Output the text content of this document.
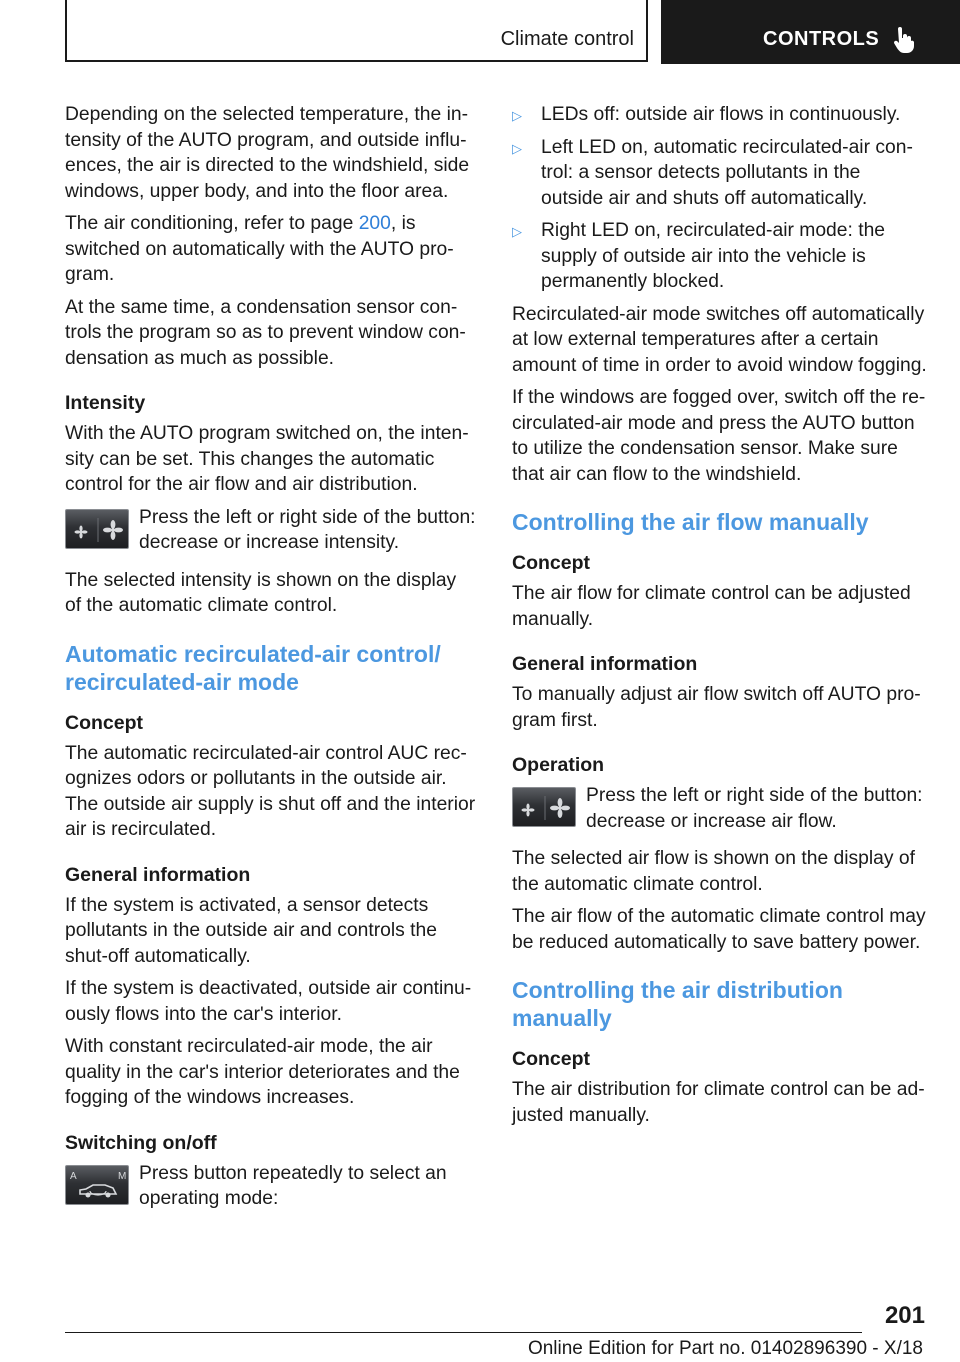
Climate control	CONTROLS

Depending on the selected temperature, the intensity of the AUTO program, and outside influences, the air is directed to the windshield, side windows, upper body, and into the floor area.

The air conditioning, refer to page 200, is switched on automatically with the AUTO program.

At the same time, a condensation sensor controls the program so as to prevent window condensation as much as possible.

Intensity

With the AUTO program switched on, the intensity can be set. This changes the automatic control for the air flow and air distribution.

Press the left or right side of the button: decrease or increase intensity.

The selected intensity is shown on the display of the automatic climate control.

Automatic recirculated-air control/
recirculated-air mode
Concept

The automatic recirculated-air control AUC recognizes odors or pollutants in the outside air. The outside air supply is shut off and the interior air is recirculated.

General information

If the system is activated, a sensor detects pollutants in the outside air and controls the shut-off automatically.

If the system is deactivated, outside air continuously flows into the car's interior.

With constant recirculated-air mode, the air quality in the car's interior deteriorates and the fogging of the windows increases.

Switching on/off
A	M Press button repeatedly to select an operating mode:
▷ LEDs off: outside air flows in continuously.
▷ Left LED on, automatic recirculated-air control: a sensor detects pollutants in the outside air and shuts off automatically.
▷ Right LED on, recirculated-air mode: the supply of outside air into the vehicle is permanently blocked.

Recirculated-air mode switches off automatically at low external temperatures after a certain amount of time in order to avoid window fogging.

If the windows are fogged over, switch off the recirculated-air mode and press the AUTO button to utilize the condensation sensor. Make sure that air can flow to the windshield.

Controlling the air flow manually
Concept

The air flow for climate control can be adjusted manually.

General information

To manually adjust air flow switch off AUTO program first.

Operation
Press the left or right side of the button: decrease or increase air flow.

The selected air flow is shown on the display of the automatic climate control.

The air flow of the automatic climate control may be reduced automatically to save battery power.

Controlling the air distribution
manually
Concept

The air distribution for climate control can be adjusted manually.

201
Online Edition for Part no. 01402896390 - X/18
